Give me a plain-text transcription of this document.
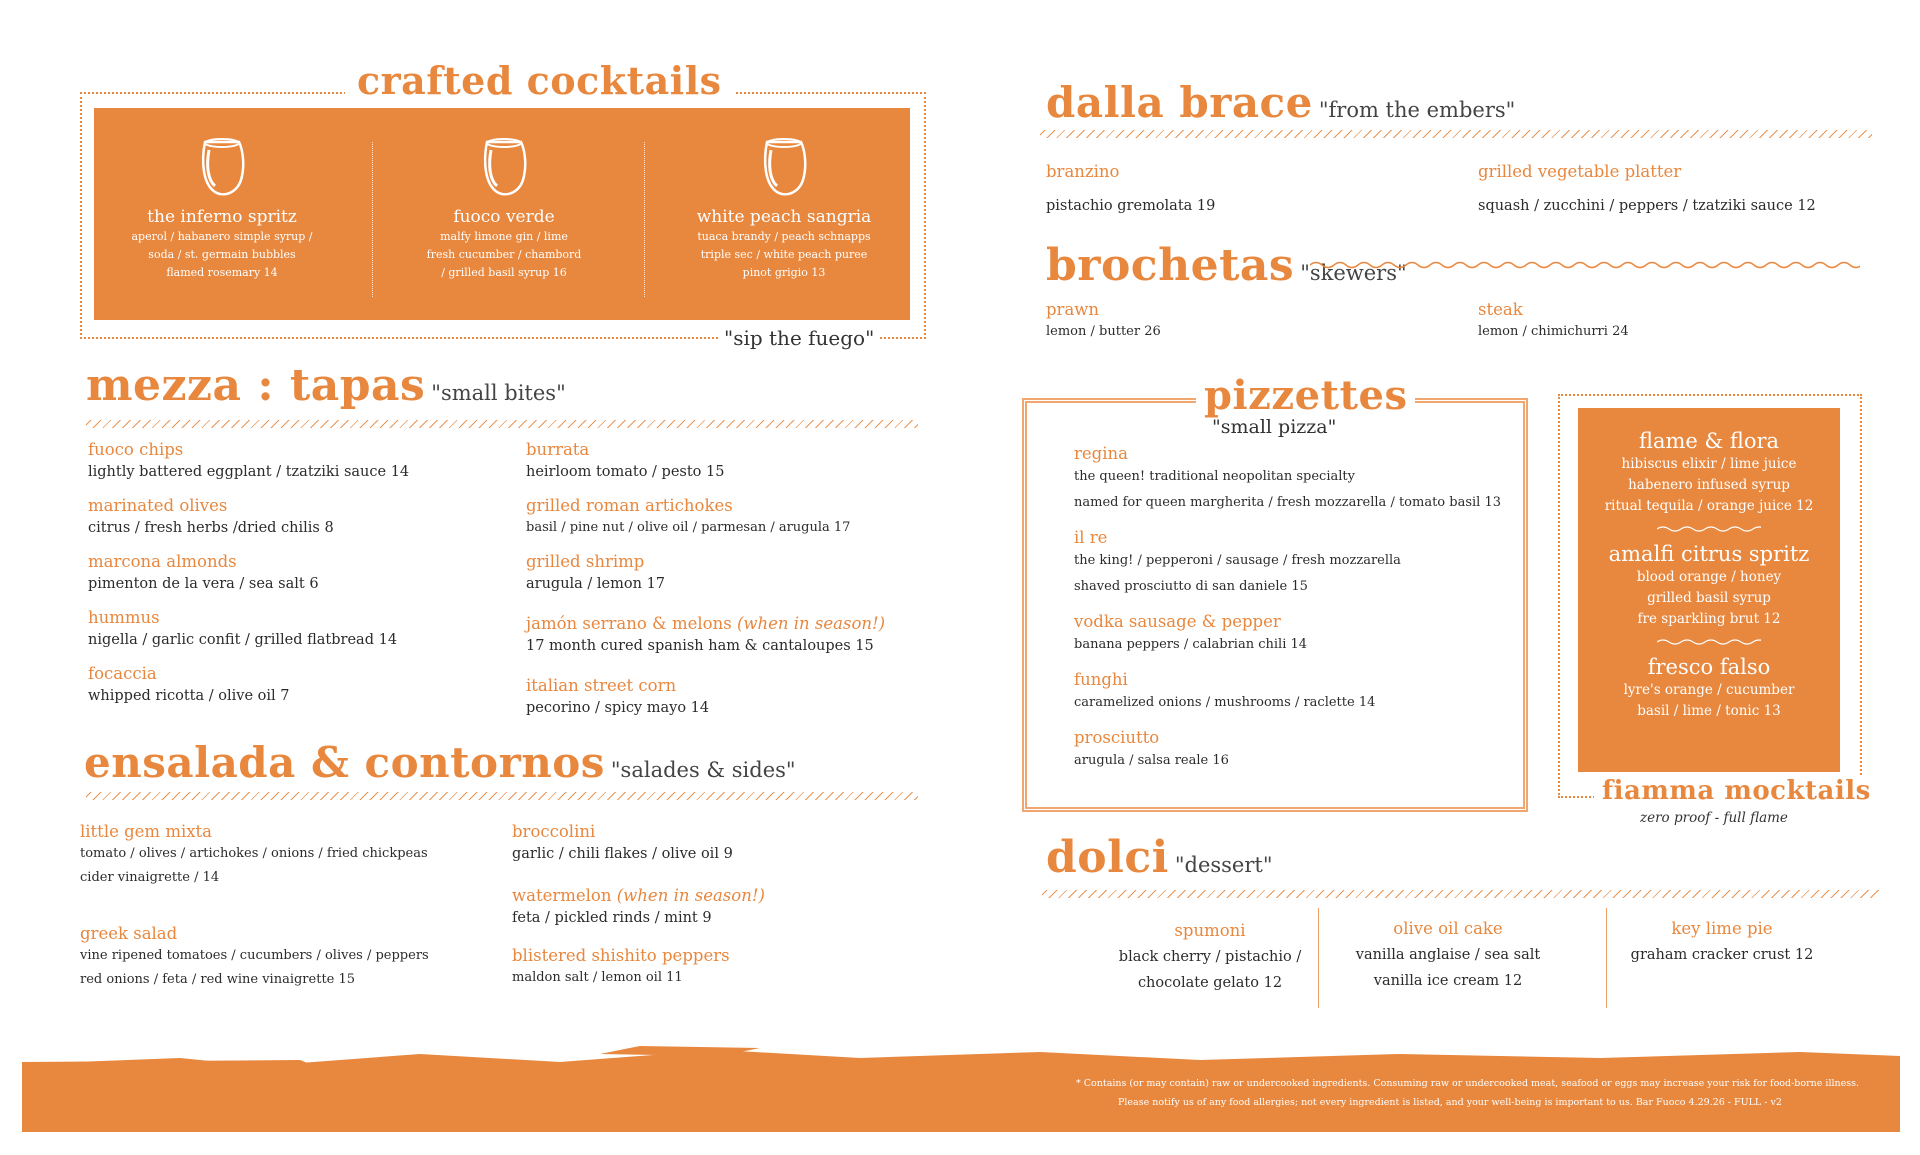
crafted cocktails
the inferno spritz
aperol / habanero simple syrup /
soda / st. germain bubbles
flamed rosemary 14
fuoco verde
malfy limone gin / lime
fresh cucumber / chambord
/ grilled basil syrup 16
white peach sangria
tuaca brandy / peach schnapps
triple sec / white peach puree
pinot grigio 13
"sip the fuego"
mezza : tapas "small bites"
fuoco chips
lightly battered eggplant / tzatziki sauce 14
marinated olives
citrus / fresh herbs /dried chilis 8
marcona almonds
pimenton de la vera / sea salt 6
hummus
nigella / garlic confit / grilled flatbread 14
focaccia
whipped ricotta / olive oil 7
burrata
heirloom tomato / pesto 15
grilled roman artichokes
basil / pine nut / olive oil / parmesan / arugula 17
grilled shrimp
arugula / lemon 17
jamón serrano & melons (when in season!)
17 month cured spanish ham & cantaloupes 15
italian street corn
pecorino / spicy mayo 14
ensalada & contornos "salades & sides"
little gem mixta
tomato / olives / artichokes / onions / fried chickpeas
cider vinaigrette / 14
greek salad
vine ripened tomatoes / cucumbers / olives / peppers
red onions / feta / red wine vinaigrette 15
broccolini
garlic / chili flakes / olive oil 9
watermelon (when in season!)
feta / pickled rinds / mint 9
blistered shishito peppers
maldon salt / lemon oil 11
dalla brace "from the embers"
branzino
pistachio gremolata 19
grilled vegetable platter
squash / zucchini / peppers / tzatziki sauce 12
brochetas "skewers"
prawn
lemon / butter 26
steak
lemon / chimichurri 24
pizzettes
"small pizza"
regina
the queen! traditional neopolitan specialty
named for queen margherita / fresh mozzarella / tomato basil 13
il re
the king! / pepperoni / sausage / fresh mozzarella
shaved prosciutto di san daniele 15
vodka sausage & pepper
banana peppers / calabrian chili 14
funghi
caramelized onions / mushrooms / raclette 14
prosciutto
arugula / salsa reale 16
flame & flora
hibiscus elixir / lime juice
habenero infused syrup
ritual tequila / orange juice 12
amalfi citrus spritz
blood orange / honey
grilled basil syrup
fre sparkling brut 12
fresco falso
lyre's orange / cucumber
basil / lime / tonic 13
fiamma mocktails
zero proof - full flame
dolci "dessert"
spumoni
black cherry / pistachio /
chocolate gelato 12
olive oil cake
vanilla anglaise / sea salt
vanilla ice cream 12
key lime pie
graham cracker crust 12
* Contains (or may contain) raw or undercooked ingredients. Consuming raw or undercooked meat, seafood or eggs may increase your risk for food-borne illness.
Please notify us of any food allergies; not every ingredient is listed, and your well-being is important to us. Bar Fuoco 4.29.26 - FULL - v2
